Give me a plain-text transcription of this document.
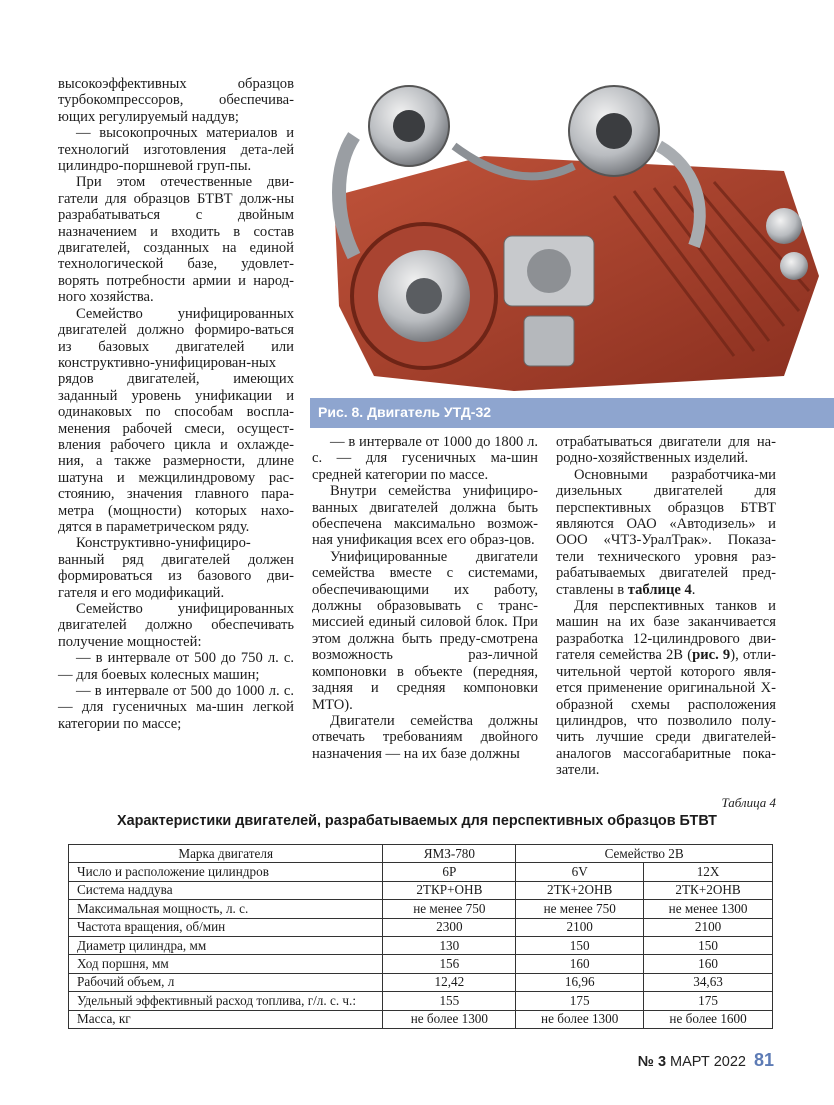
высокоэффективных образцов турбокомпрессоров, обеспечива-ющих регулируемый наддув;

— высокопрочных материалов и технологий изготовления дета-лей цилиндро-поршневой груп-пы.

При этом отечественные дви-гатели для образцов БТВТ долж-ны разрабатываться с двойным назначением и входить в состав двигателей, созданных на единой технологической базе, удовлет-ворять потребности армии и народ-ного хозяйства.

Семейство унифицированных двигателей должно формиро-ваться из базовых двигателей или конструктивно-унифицирован-ных рядов двигателей, имеющих заданный уровень унификации и одинаковых по способам воспла-менения рабочей смеси, осущест-вления рабочего цикла и охлажде-ния, а также размерности, длине шатуна и межцилиндровому рас-стоянию, значения главного пара-метра (мощности) которых нахо-дятся в параметрическом ряду.

Конструктивно-унифициро-ванный ряд двигателей должен формироваться из базового дви-гателя и его модификаций.

Семейство унифицированных двигателей должно обеспечивать получение мощностей:

— в интервале от 500 до 750 л. с. — для боевых колесных машин;

— в интервале от 500 до 1000 л. с. — для гусеничных ма-шин легкой категории по массе;

Рис. 8. Двигатель УТД-32

— в интервале от 1000 до 1800 л. с. — для гусеничных ма-шин средней категории по массе.

Внутри семейства унифициро-ванных двигателей должна быть обеспечена максимально возмож-ная унификация всех его образ-цов.

Унифицированные двигатели семейства вместе с системами, обеспечивающими их работу, должны образовывать с транс-миссией единый силовой блок. При этом должна быть преду-смотрена возможность раз-личной компоновки в объекте (передняя, задняя и средняя компоновки МТО).

Двигатели семейства должны отвечать требованиям двойного назначения — на их базе должны

отрабатываться двигатели для на-родно-хозяйственных изделий.

Основными разработчика-ми дизельных двигателей для перспективных образцов БТВТ являются ОАО «Автодизель» и ООО «ЧТЗ-УралТрак». Показа-тели технического уровня раз-рабатываемых двигателей пред-ставлены в таблице 4.

Для перспективных танков и машин на их базе заканчивается разработка 12-цилиндрового дви-гателя семейства 2В (рис. 9), отли-чительной чертой которого явля-ется применение оригинальной Х-образной схемы расположения цилиндров, что позволило полу-чить лучшие среди двигателей-аналогов массогабаритные пока-затели.

Таблица 4
Характеристики двигателей, разрабатываемых для перспективных образцов БТВТ
Марка двигателя	ЯМЗ-780	Семейство 2В	
Число и расположение цилиндров	6Р	6V	12Х
Система наддува	2ТКР+ОНВ	2ТК+2ОНВ	2ТК+2ОНВ
Максимальная мощность, л. с.	не менее 750	не менее 750	не менее 1300
Частота вращения, об/мин	2300	2100	2100
Диаметр цилиндра, мм	130	150	150
Ход поршня, мм	156	160	160
Рабочий объем, л	12,42	16,96	34,63
Удельный эффективный расход топлива, г/л. с. ч.:	155	175	175
Масса, кг	не более 1300	не более 1300	не более 1600
№ 3 МАРТ 2022 81
